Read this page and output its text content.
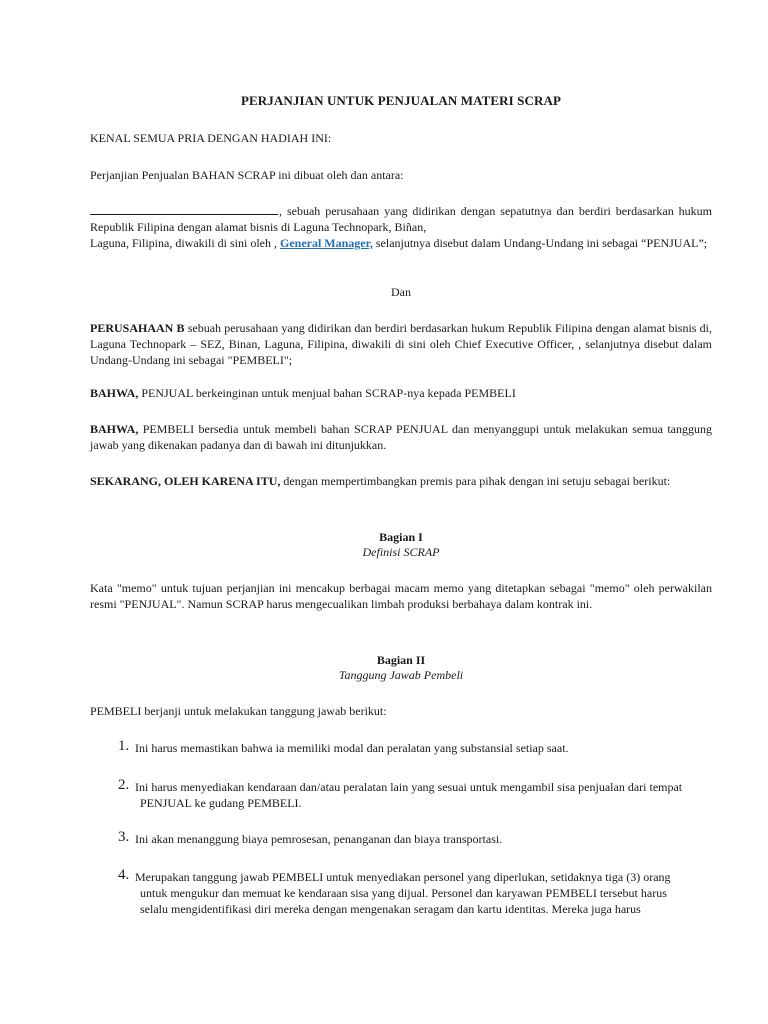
PERJANJIAN UNTUK PENJUALAN MATERI SCRAP
KENAL SEMUA PRIA DENGAN HADIAH INI:
Perjanjian Penjualan BAHAN SCRAP ini dibuat oleh dan antara:
, sebuah perusahaan yang didirikan dengan sepatutnya dan berdiri berdasarkan hukum Republik Filipina dengan alamat bisnis di Laguna Technopark, Biñan,
Laguna, Filipina, diwakili di sini oleh , General Manager, selanjutnya disebut dalam Undang-Undang ini sebagai “PENJUAL”;
Dan
PERUSAHAAN B sebuah perusahaan yang didirikan dan berdiri berdasarkan hukum Republik Filipina dengan alamat bisnis di, Laguna Technopark – SEZ, Binan, Laguna, Filipina, diwakili di sini oleh Chief Executive Officer, , selanjutnya disebut dalam Undang-Undang ini sebagai "PEMBELI";
BAHWA, PENJUAL berkeinginan untuk menjual bahan SCRAP-nya kepada PEMBELI
BAHWA, PEMBELI bersedia untuk membeli bahan SCRAP PENJUAL dan menyanggupi untuk melakukan semua tanggung jawab yang dikenakan padanya dan di bawah ini ditunjukkan.
SEKARANG, OLEH KARENA ITU, dengan mempertimbangkan premis para pihak dengan ini setuju sebagai berikut:
Bagian I
Definisi SCRAP
Kata "memo" untuk tujuan perjanjian ini mencakup berbagai macam memo yang ditetapkan sebagai "memo" oleh perwakilan resmi "PENJUAL". Namun SCRAP harus mengecualikan limbah produksi berbahaya dalam kontrak ini.
Bagian II
Tanggung Jawab Pembeli
PEMBELI berjanji untuk melakukan tanggung jawab berikut:
1. Ini harus memastikan bahwa ia memiliki modal dan peralatan yang substansial setiap saat.
2. Ini harus menyediakan kendaraan dan/atau peralatan lain yang sesuai untuk mengambil sisa penjualan dari tempat
PENJUAL ke gudang PEMBELI.
3. Ini akan menanggung biaya pemrosesan, penanganan dan biaya transportasi.
4. Merupakan tanggung jawab PEMBELI untuk menyediakan personel yang diperlukan, setidaknya tiga (3) orang
untuk mengukur dan memuat ke kendaraan sisa yang dijual. Personel dan karyawan PEMBELI tersebut harus
selalu mengidentifikasi diri mereka dengan mengenakan seragam dan kartu identitas. Mereka juga harus
